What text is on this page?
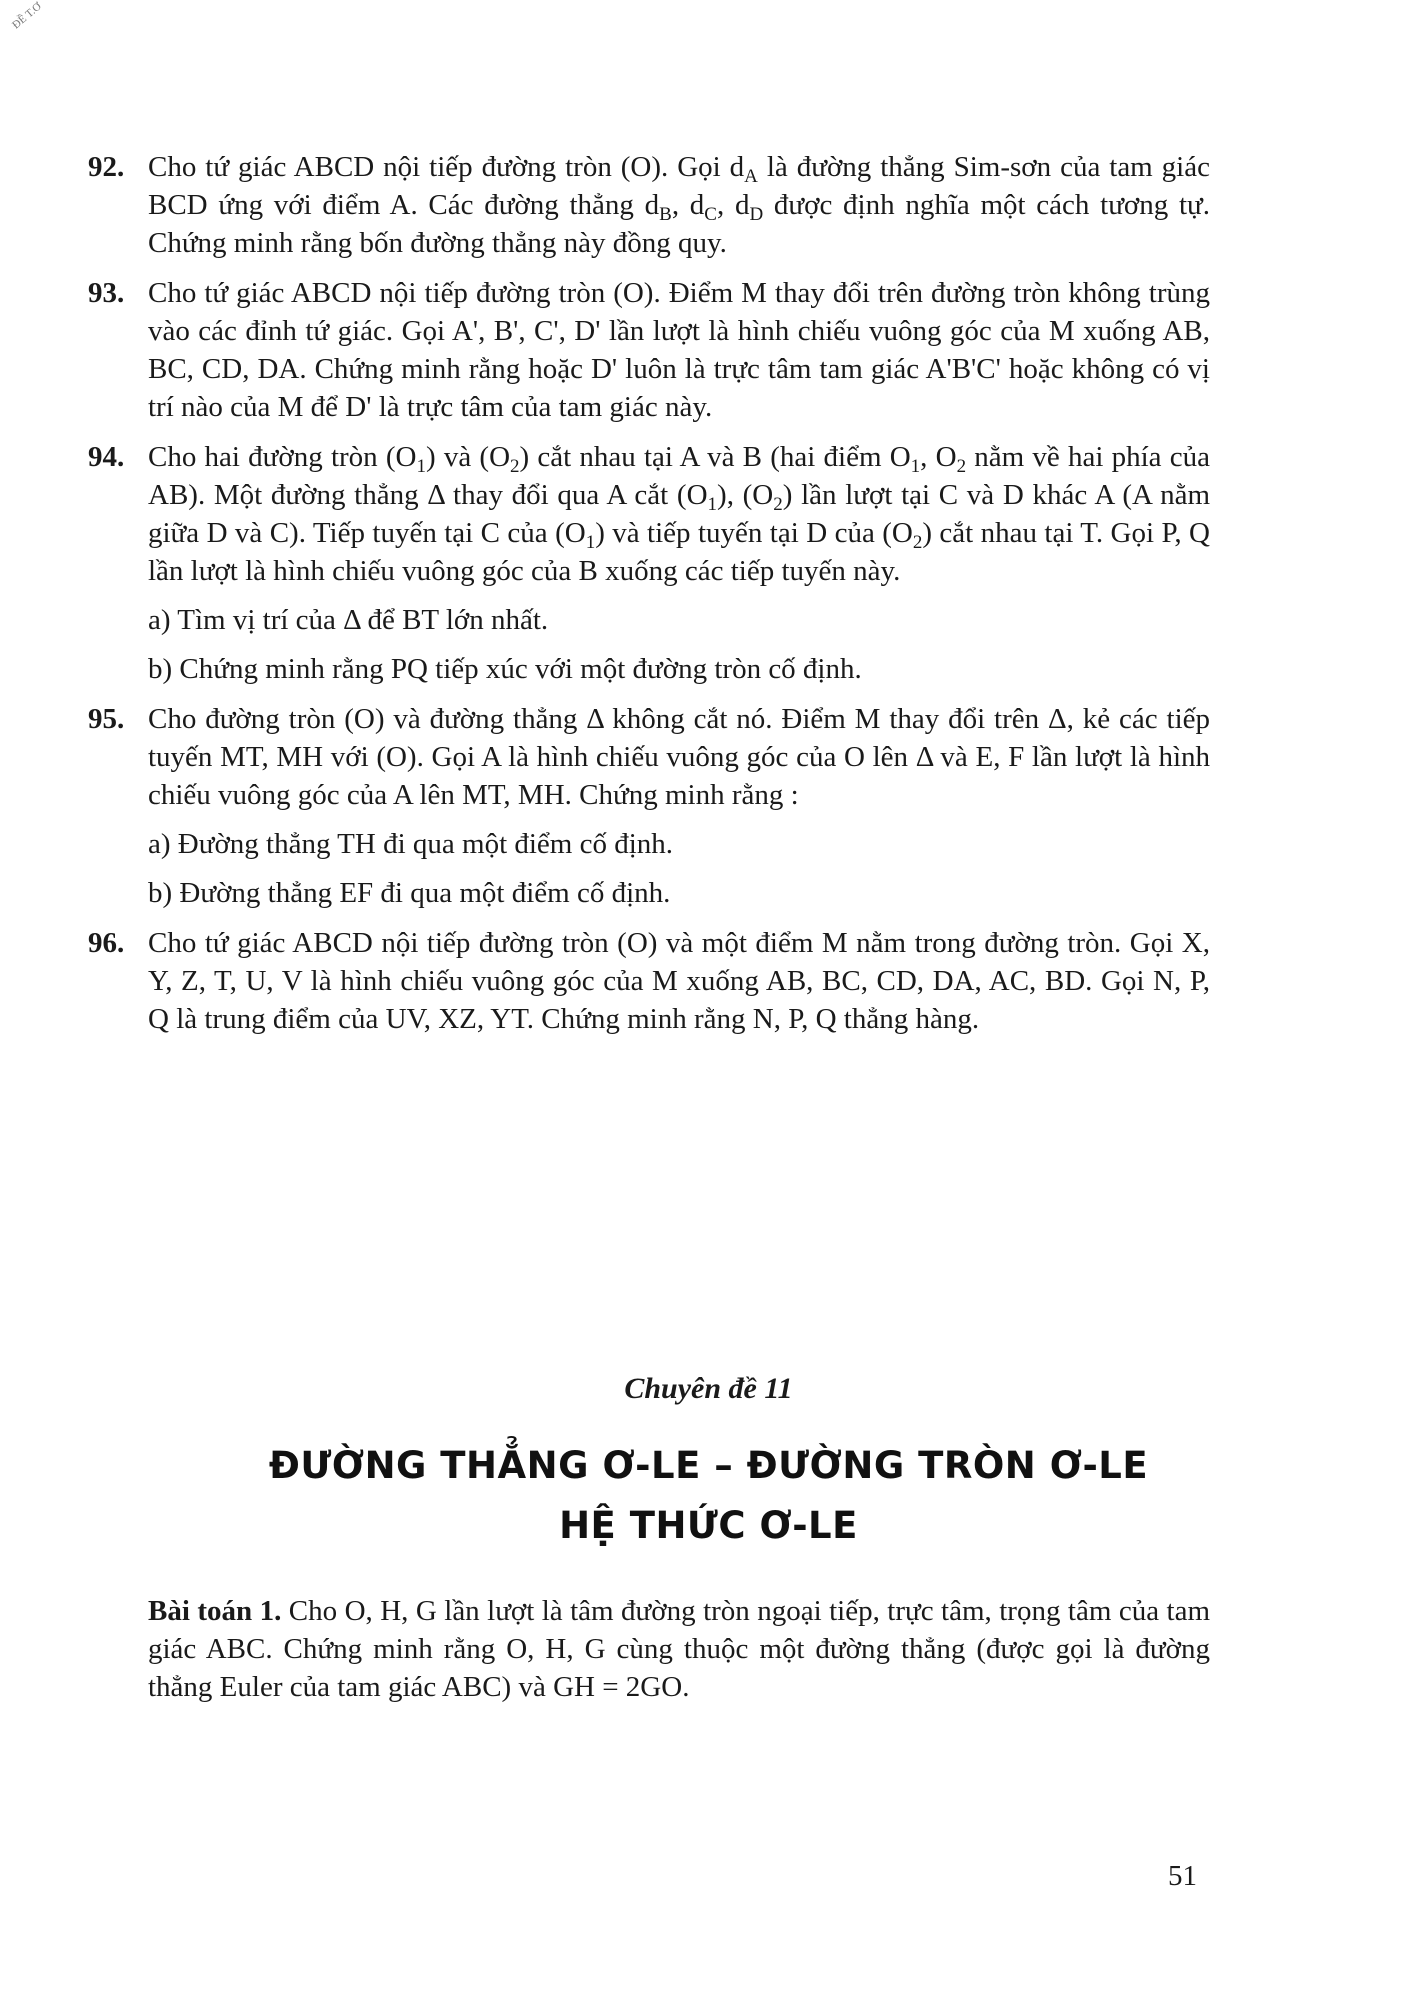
ĐỀ T.Ơ
92. Cho tứ giác ABCD nội tiếp đường tròn (O). Gọi $d_A$ là đường thẳng Sim-sơn của tam giác BCD ứng với điểm A. Các đường thẳng $d_B$, $d_C$, $d_D$ được định nghĩa một cách tương tự. Chứng minh rằng bốn đường thẳng này đồng quy.
93. Cho tứ giác ABCD nội tiếp đường tròn (O). Điểm M thay đổi trên đường tròn không trùng vào các đỉnh tứ giác. Gọi A', B', C', D' lần lượt là hình chiếu vuông góc của M xuống AB, BC, CD, DA. Chứng minh rằng hoặc D' luôn là trực tâm tam giác A'B'C' hoặc không có vị trí nào của M để D' là trực tâm của tam giác này.
94. Cho hai đường tròn $(O_1)$ và $(O_2)$ cắt nhau tại A và B (hai điểm $O_1$, $O_2$ nằm về hai phía của AB). Một đường thẳng Δ thay đổi qua A cắt $(O_1)$, $(O_2)$ lần lượt tại C và D khác A (A nằm giữa D và C). Tiếp tuyến tại C của $(O_1)$ và tiếp tuyến tại D của $(O_2)$ cắt nhau tại T. Gọi P, Q lần lượt là hình chiếu vuông góc của B xuống các tiếp tuyến này.
a) Tìm vị trí của Δ để BT lớn nhất.
b) Chứng minh rằng PQ tiếp xúc với một đường tròn cố định.
95. Cho đường tròn (O) và đường thẳng Δ không cắt nó. Điểm M thay đổi trên Δ, kẻ các tiếp tuyến MT, MH với (O). Gọi A là hình chiếu vuông góc của O lên Δ và E, F lần lượt là hình chiếu vuông góc của A lên MT, MH. Chứng minh rằng :
a) Đường thẳng TH đi qua một điểm cố định.
b) Đường thẳng EF đi qua một điểm cố định.
96. Cho tứ giác ABCD nội tiếp đường tròn (O) và một điểm M nằm trong đường tròn. Gọi X, Y, Z, T, U, V là hình chiếu vuông góc của M xuống AB, BC, CD, DA, AC, BD. Gọi N, P, Q là trung điểm của UV, XZ, YT. Chứng minh rằng N, P, Q thẳng hàng.
Chuyên đề 11
ĐƯỜNG THẲNG Ơ-LE – ĐƯỜNG TRÒN Ơ-LE
HỆ THỨC Ơ-LE
Bài toán 1. Cho O, H, G lần lượt là tâm đường tròn ngoại tiếp, trực tâm, trọng tâm của tam giác ABC. Chứng minh rằng O, H, G cùng thuộc một đường thẳng (được gọi là đường thẳng Euler của tam giác ABC) và GH = 2GO.
51
